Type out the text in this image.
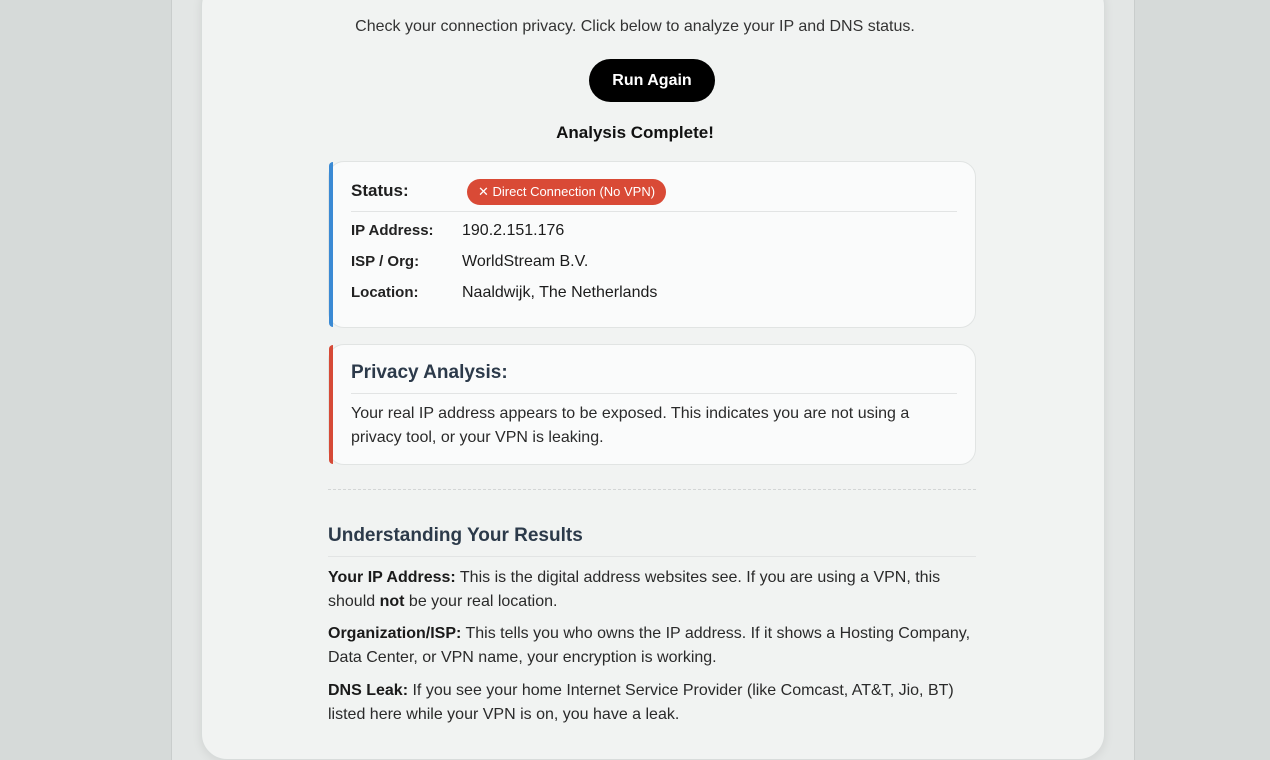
Check your connection privacy. Click below to analyze your IP and DNS status.
Run Again
Analysis Complete!
Status:	✕ Direct Connection (No VPN)
IP Address:	190.2.151.176
ISP / Org:	WorldStream B.V.
Location:	Naaldwijk, The Netherlands
Privacy Analysis:
Your real IP address appears to be exposed. This indicates you are not using a privacy tool, or your VPN is leaking.
Understanding Your Results
Your IP Address: This is the digital address websites see. If you are using a VPN, this should not be your real location.
Organization/ISP: This tells you who owns the IP address. If it shows a Hosting Company, Data Center, or VPN name, your encryption is working.
DNS Leak: If you see your home Internet Service Provider (like Comcast, AT&T, Jio, BT) listed here while your VPN is on, you have a leak.
